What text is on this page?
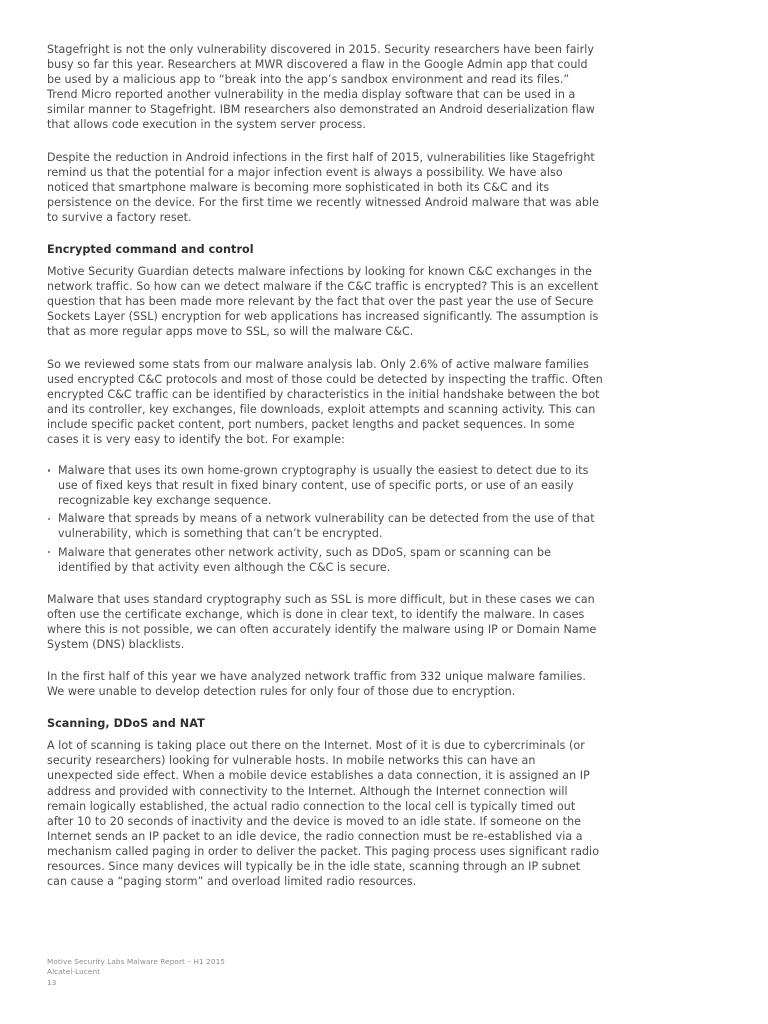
Stagefright is not the only vulnerability discovered in 2015. Security researchers have been fairly busy so far this year. Researchers at MWR discovered a flaw in the Google Admin app that could be used by a malicious app to “break into the app’s sandbox environment and read its files.” Trend Micro reported another vulnerability in the media display software that can be used in a similar manner to Stagefright. IBM researchers also demonstrated an Android deserialization flaw that allows code execution in the system server process.

Despite the reduction in Android infections in the first half of 2015, vulnerabilities like Stagefright remind us that the potential for a major infection event is always a possibility. We have also noticed that smartphone malware is becoming more sophisticated in both its C&C and its persistence on the device. For the first time we recently witnessed Android malware that was able to survive a factory reset.

Encrypted command and control

Motive Security Guardian detects malware infections by looking for known C&C exchanges in the network traffic. So how can we detect malware if the C&C traffic is encrypted? This is an excellent question that has been made more relevant by the fact that over the past year the use of Secure Sockets Layer (SSL) encryption for web applications has increased significantly. The assumption is that as more regular apps move to SSL, so will the malware C&C.

So we reviewed some stats from our malware analysis lab. Only 2.6% of active malware families used encrypted C&C protocols and most of those could be detected by inspecting the traffic. Often encrypted C&C traffic can be identified by characteristics in the initial handshake between the bot and its controller, key exchanges, file downloads, exploit attempts and scanning activity. This can include specific packet content, port numbers, packet lengths and packet sequences. In some cases it is very easy to identify the bot. For example:

Malware that uses its own home-grown cryptography is usually the easiest to detect due to its use of fixed keys that result in fixed binary content, use of specific ports, or use of an easily recognizable key exchange sequence.
Malware that spreads by means of a network vulnerability can be detected from the use of that vulnerability, which is something that can’t be encrypted.
Malware that generates other network activity, such as DDoS, spam or scanning can be identified by that activity even although the C&C is secure.

Malware that uses standard cryptography such as SSL is more difficult, but in these cases we can often use the certificate exchange, which is done in clear text, to identify the malware. In cases where this is not possible, we can often accurately identify the malware using IP or Domain Name System (DNS) blacklists.

In the first half of this year we have analyzed network traffic from 332 unique malware families. We were unable to develop detection rules for only four of those due to encryption.

Scanning, DDoS and NAT

A lot of scanning is taking place out there on the Internet. Most of it is due to cybercriminals (or security researchers) looking for vulnerable hosts. In mobile networks this can have an unexpected side effect. When a mobile device establishes a data connection, it is assigned an IP address and provided with connectivity to the Internet. Although the Internet connection will remain logically established, the actual radio connection to the local cell is typically timed out after 10 to 20 seconds of inactivity and the device is moved to an idle state. If someone on the Internet sends an IP packet to an idle device, the radio connection must be re-established via a mechanism called paging in order to deliver the packet. This paging process uses significant radio resources. Since many devices will typically be in the idle state, scanning through an IP subnet can cause a “paging storm” and overload limited radio resources.

Motive Security Labs Malware Report – H1 2015
Alcatel-Lucent
13
